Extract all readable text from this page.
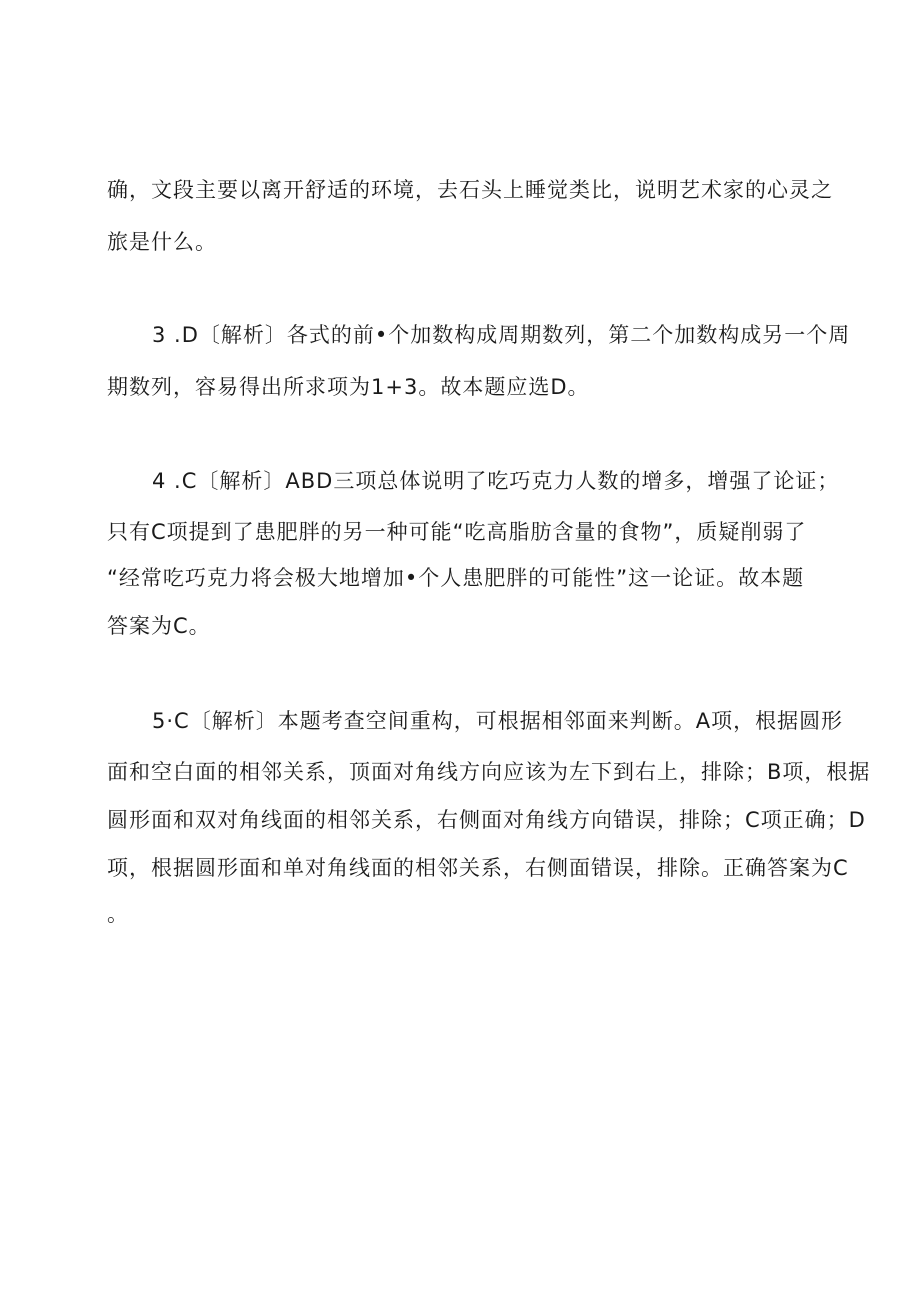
确，文段主要以离开舒适的环境，去石头上睡觉类比，说明艺术家的心灵之
旅是什么。
3 .D〔解析〕各式的前•个加数构成周期数列，第二个加数构成另一个周
期数列，容易得出所求项为1+3。故本题应选D。
4 .C〔解析〕ABD三项总体说明了吃巧克力人数的增多，增强了论证；
只有C项提到了患肥胖的另一种可能“吃高脂肪含量的食物”，质疑削弱了
“经常吃巧克力将会极大地增加•个人患肥胖的可能性”这一论证。故本题
答案为C。
5·C〔解析〕本题考查空间重构，可根据相邻面来判断。A项，根据圆形
面和空白面的相邻关系，顶面对角线方向应该为左下到右上，排除；B项，根据
圆形面和双对角线面的相邻关系，右侧面对角线方向错误，排除；C项正确；D
项，根据圆形面和单对角线面的相邻关系，右侧面错误，排除。正确答案为C
。
